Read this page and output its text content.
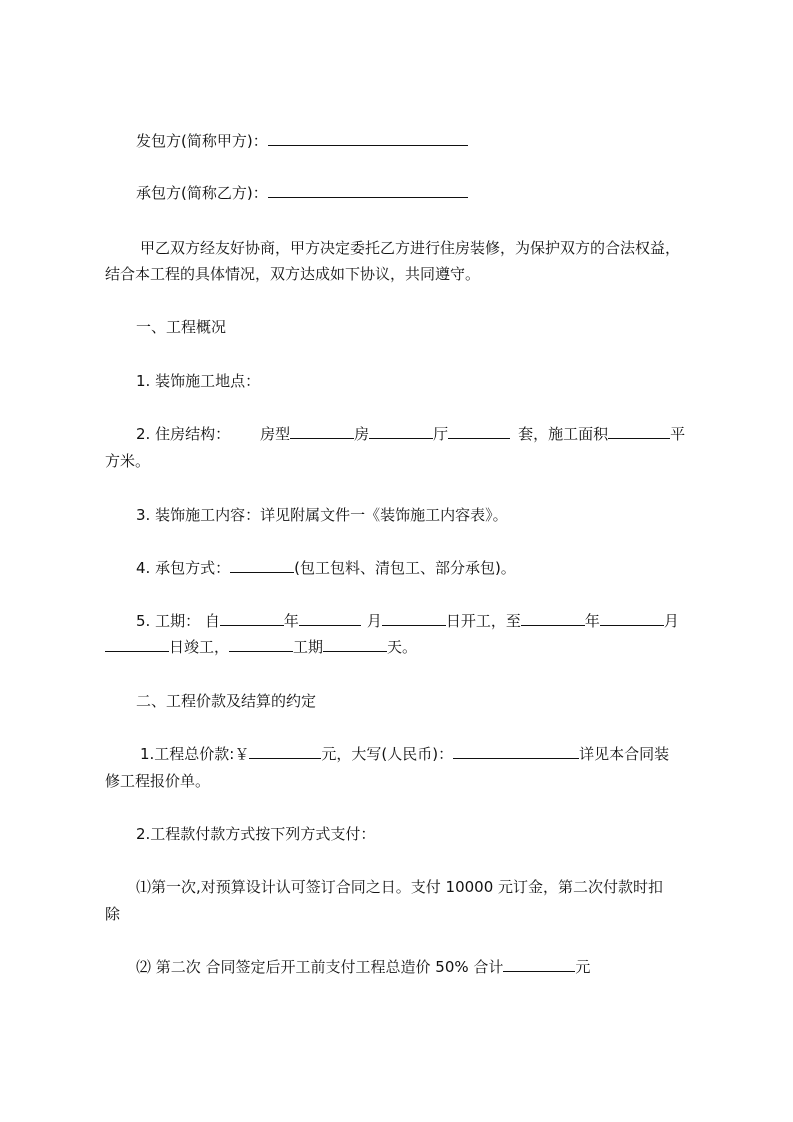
发包方(简称甲方)：
承包方(简称乙方)：
甲乙双方经友好协商，甲方决定委托乙方进行住房装修，为保护双方的合法权益，
结合本工程的具体情况，双方达成如下协议，共同遵守。
一、工程概况
1. 装饰施工地点：
2. 住房结构： 房型	房	厅	套，施工面积	平
方米。
3. 装饰施工内容：详见附属文件一《装饰施工内容表》。
4. 承包方式：	(包工包料、清包工、部分承包)。
5. 工期： 自	年	月	日开工，至	年	月
日竣工，	工期	天。
二、工程价款及结算的约定
1.工程总价款:￥	元，大写(人民币)：	详见本合同装
修工程报价单。
2.工程款付款方式按下列方式支付：
⑴第一次,对预算设计认可签订合同之日。支付 10000 元订金，第二次付款时扣
除
⑵ 第二次 合同签定后开工前支付工程总造价 50% 合计	元
